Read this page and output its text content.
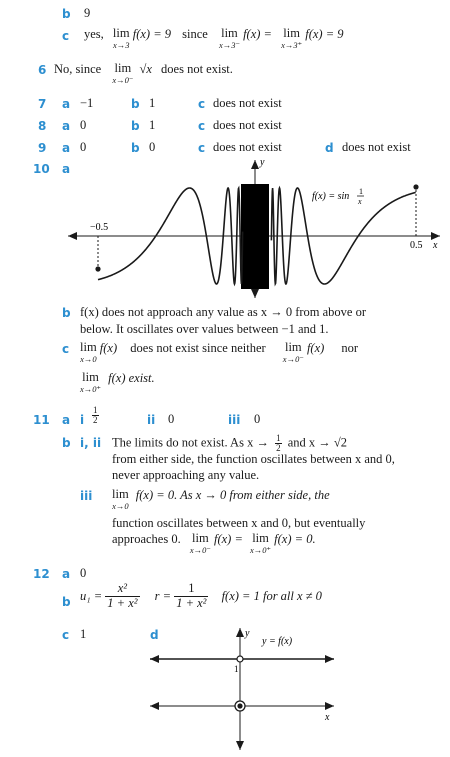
b 9
c yes, lim
x→3
f(x) = 9 since lim
x→3⁻
f(x) = lim
x→3⁺
f(x) = 9
6 No, since lim
x→0⁻
√x does not exist.
7 a −1	b 1	c does not exist
8 a 0	b 1	c does not exist
9 a 0	b 0	c does not exist	d does not exist
10 a	y
x
−0.5
0.5
f(x) = sin 1
x
b f(x) does not approach any value as x → 0 from above or
below. It oscillates over values between −1 and 1.
c lim
x→0
f(x) does not exist since neither lim
x→0⁻
f(x) nor
lim
x→0⁺
f(x) exist.
11 a i $\frac{1}{2}$	ii 0	iii 0
b i, ii The limits do not exist. As $x \to \frac{1}{2}$ and x → √2
from either side, the function oscillates between x and 0,
never approaching any value.
iii lim
x→0
f(x) = 0. As x → 0 from either side, the
function oscillates between x and 0, but eventually
approaches 0. lim
x→0⁻
f(x) = lim
x→0⁺
f(x) = 0.
12 a 0
b $u_1 = \frac{\text{x²}}{\text{1 + x²}}$ $r = \frac{1}{\text{1 + x²}} f(x) = 1$ for all x ≠ 0
c 1	d	y
x
1
y = f(x)
